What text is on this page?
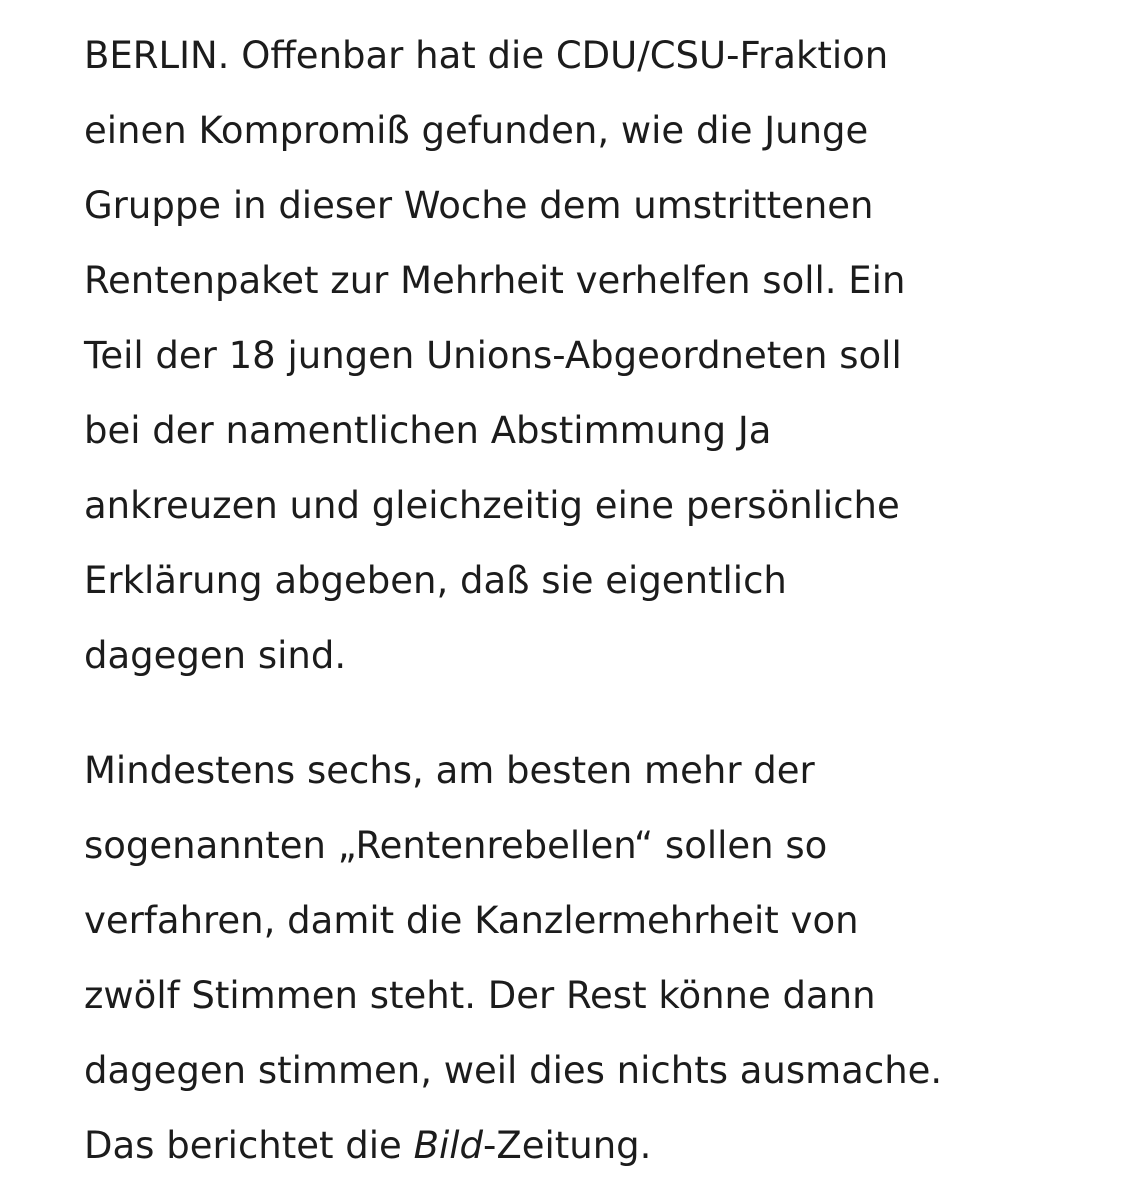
BERLIN. Offenbar hat die CDU/CSU-Fraktion
einen Kompromiß gefunden, wie die Junge
Gruppe in dieser Woche dem umstrittenen
Rentenpaket zur Mehrheit verhelfen soll. Ein
Teil der 18 jungen Unions-Abgeordneten soll
bei der namentlichen Abstimmung Ja
ankreuzen und gleichzeitig eine persönliche
Erklärung abgeben, daß sie eigentlich
dagegen sind.

Mindestens sechs, am besten mehr der
sogenannten „Rentenrebellen“ sollen so
verfahren, damit die Kanzlermehrheit von
zwölf Stimmen steht. Der Rest könne dann
dagegen stimmen, weil dies nichts ausmache.
Das berichtet die Bild-Zeitung.
